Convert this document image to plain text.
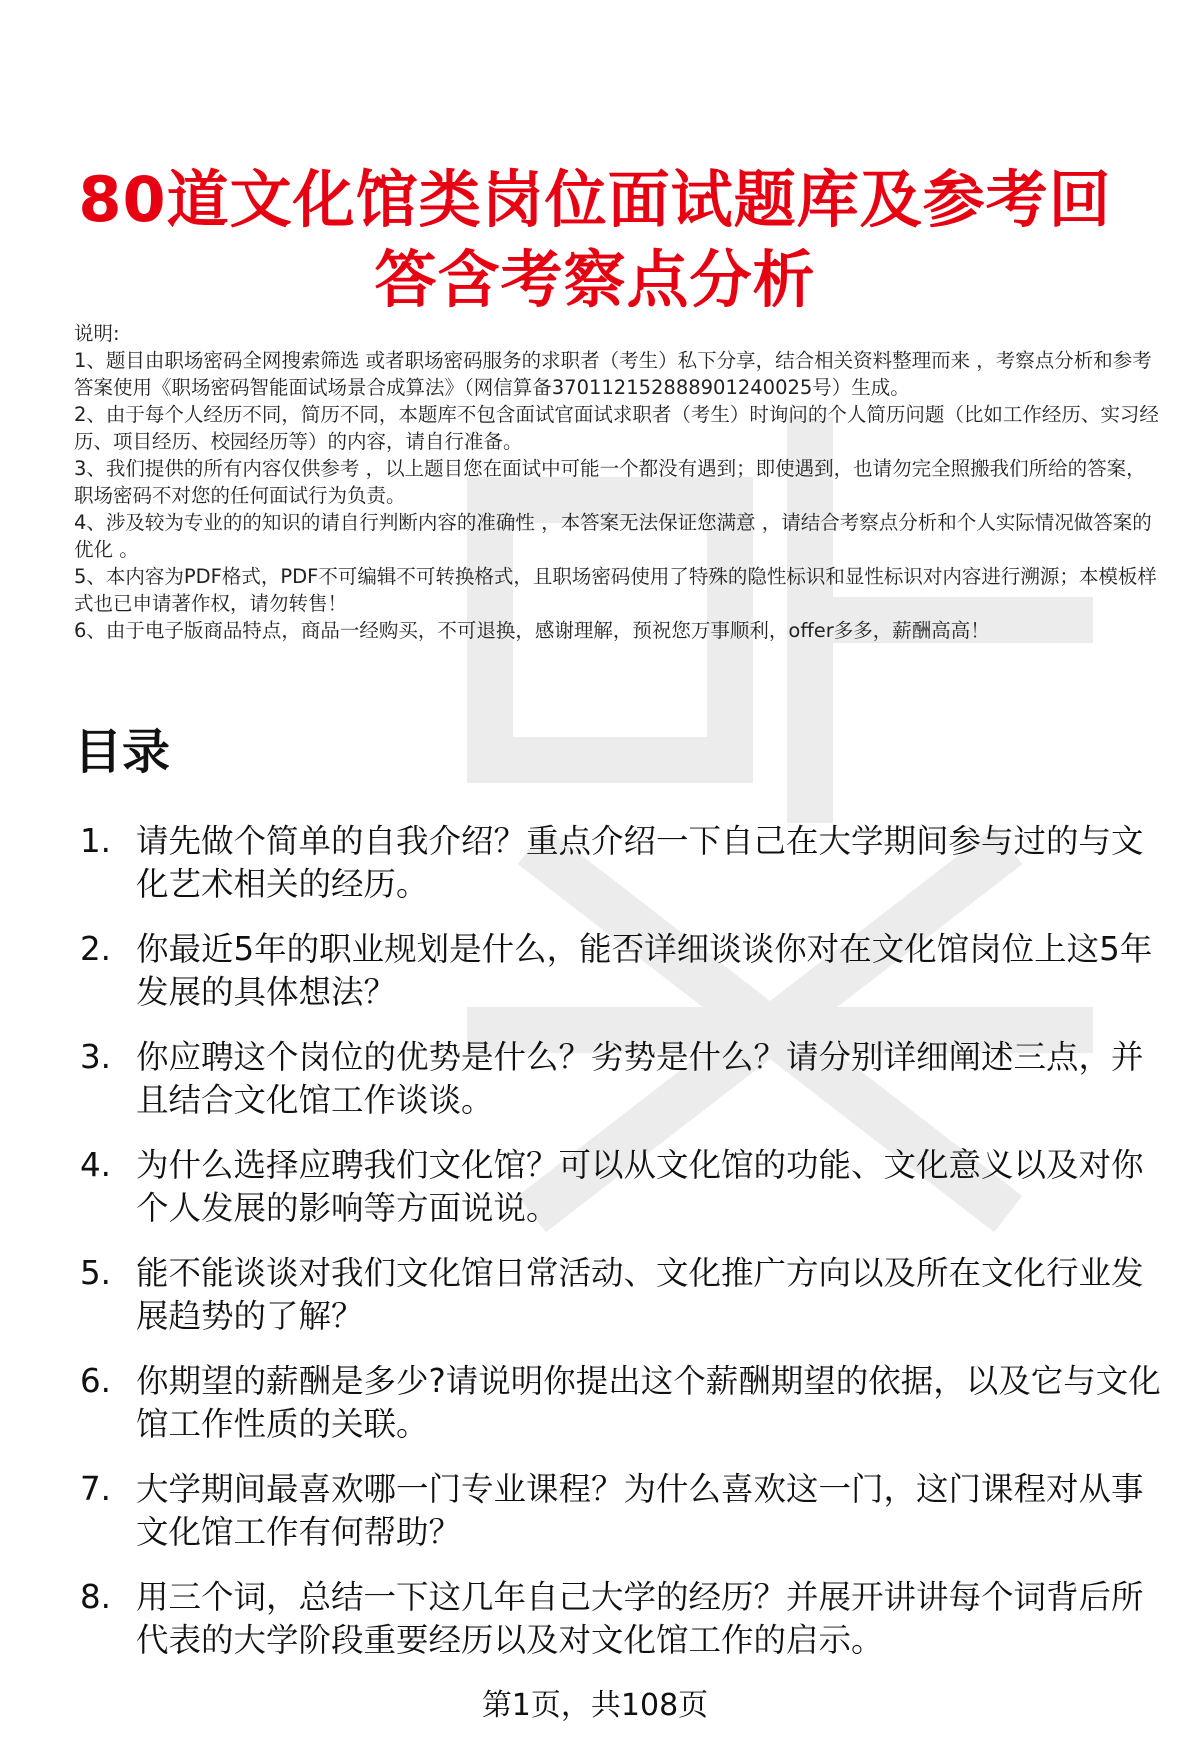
80道文化馆类岗位面试题库及参考回答含考察点分析

说明:

1、题目由职场密码全网搜索筛选 或者职场密码服务的求职者（考生）私下分享，结合相关资料整理而来 ，考察点分析和参考答案使用《职场密码智能面试场景合成算法》（网信算备370112152888901240025号）生成。

2、由于每个人经历不同，简历不同，本题库不包含面试官面试求职者（考生）时询问的个人简历问题（比如工作经历、实习经历、项目经历、校园经历等）的内容，请自行准备。

3、我们提供的所有内容仅供参考 ，以上题目您在面试中可能一个都没有遇到；即使遇到，也请勿完全照搬我们所给的答案，职场密码不对您的任何面试行为负责。

4、涉及较为专业的的知识的请自行判断内容的准确性 ，本答案无法保证您满意 ，请结合考察点分析和个人实际情况做答案的优化 。

5、本内容为PDF格式，PDF不可编辑不可转换格式，且职场密码使用了特殊的隐性标识和显性标识对内容进行溯源；本模板样式也已申请著作权，请勿转售！

6、由于电子版商品特点，商品一经购买，不可退换，感谢理解，预祝您万事顺利，offer多多，薪酬高高！

目录
1. 请先做个简单的自我介绍？重点介绍一下自己在大学期间参与过的与文化艺术相关的经历。
2. 你最近5年的职业规划是什么，能否详细谈谈你对在文化馆岗位上这5年发展的具体想法？
3. 你应聘这个岗位的优势是什么？劣势是什么？请分别详细阐述三点，并且结合文化馆工作谈谈。
4. 为什么选择应聘我们文化馆？可以从文化馆的功能、文化意义以及对你个人发展的影响等方面说说。
5. 能不能谈谈对我们文化馆日常活动、文化推广方向以及所在文化行业发展趋势的了解？
6. 你期望的薪酬是多少?请说明你提出这个薪酬期望的依据，以及它与文化馆工作性质的关联。
7. 大学期间最喜欢哪一门专业课程？为什么喜欢这一门，这门课程对从事文化馆工作有何帮助？
8. 用三个词，总结一下这几年自己大学的经历？并展开讲讲每个词背后所代表的大学阶段重要经历以及对文化馆工作的启示。
第1页，共108页
